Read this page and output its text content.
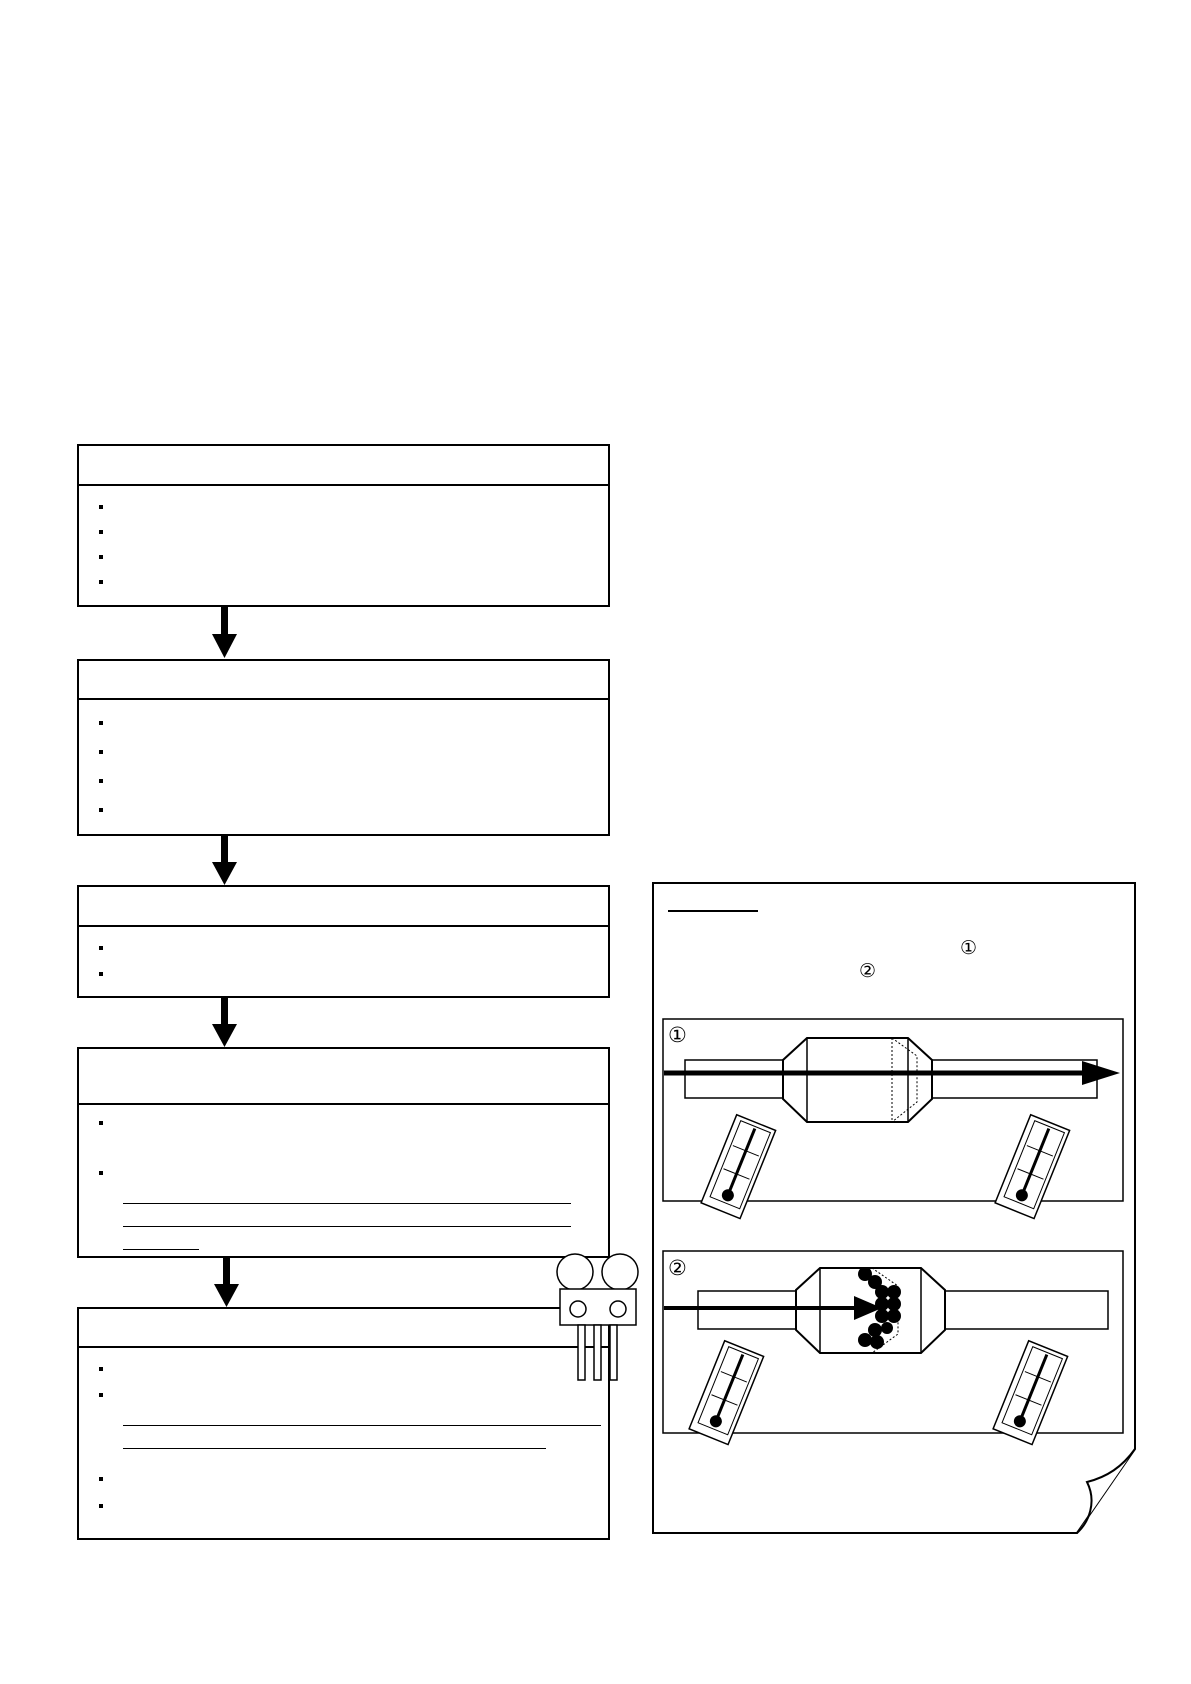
①
②
①
②
